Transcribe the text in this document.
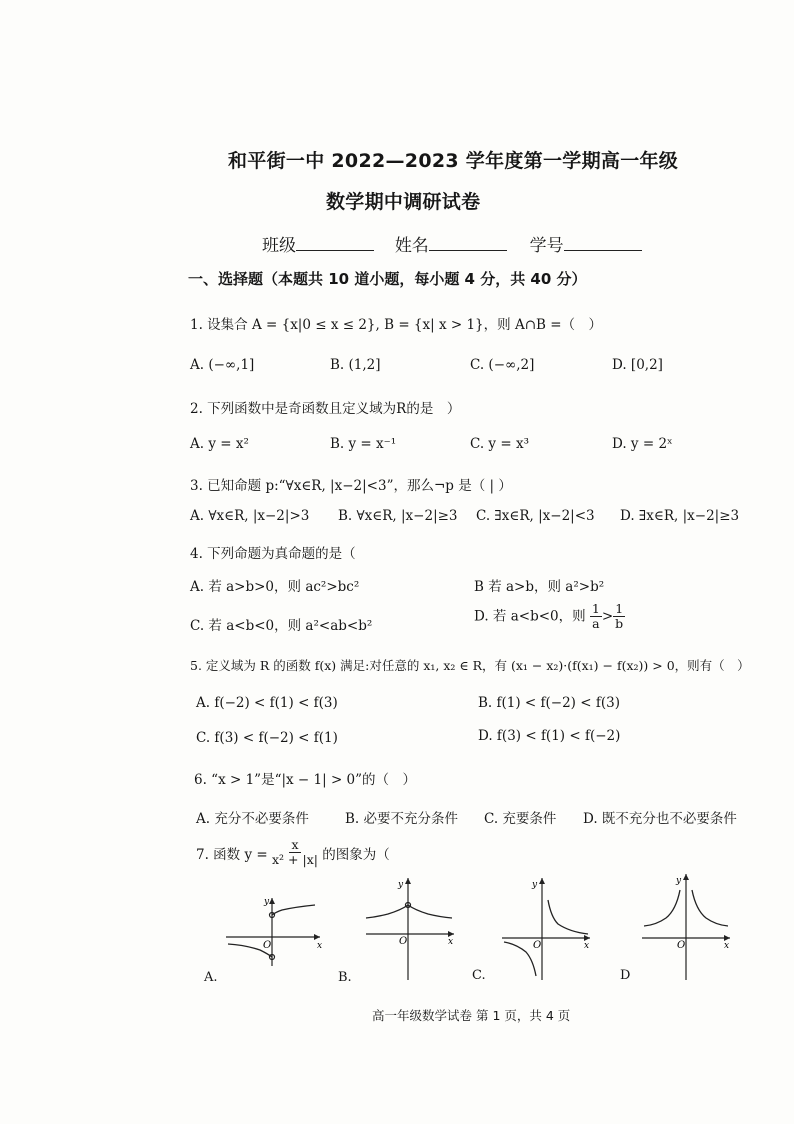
和平街一中 2022—2023 学年度第一学期高一年级
数学期中调研试卷
班级	姓名	学号
一、选择题（本题共 10 道小题，每小题 4 分，共 40 分）
1. 设集合 A = {x|0 ≤ x ≤ 2}, B = {x| x > 1}，则 A∩B =（　）
A. (−∞,1]	B. (1,2]	C. (−∞,2]	D. [0,2]
2. 下列函数中是奇函数且定义域为R的是　）
A. y = x²	B. y = x⁻¹	C. y = x³	D. y = 2ˣ
3. 已知命题 p:“∀x∈R, |x−2|<3”，那么¬p 是（ | ）
A. ∀x∈R, |x−2|>3 B. ∀x∈R, |x−2|≥3 C. ∃x∈R, |x−2|<3 D. ∃x∈R, |x−2|≥3
4. 下列命题为真命题的是（
A. 若 a>b>0，则 ac²>bc²	B 若 a>b，则 a²>b²
C. 若 a<b<0，则 a²<ab<b²
D. 若 a<b<0，则 $\frac{1}{a} > \frac{1}{b}$
5. 定义域为 R 的函数 f(x) 满足:对任意的 x₁, x₂ ∈ R，有 (x₁ − x₂)·(f(x₁) − f(x₂)) > 0，则有（　）
A. f(−2) < f(1) < f(3)	B. f(1) < f(−2) < f(3)
C. f(3) < f(−2) < f(1)	D. f(3) < f(1) < f(−2)
6. “x > 1”是“|x − 1| > 0”的（　）
A. 充分不必要条件	B. 必要不充分条件 C. 充要条件 D. 既不充分也不必要条件
7. 函数 $y = \frac{x}{\text{x² + |x|}}$ 的图象为（
O	x
y
A.
O	x
y
B.
O	x
y
C.
O	x
y
D
高一年级数学试卷 第 1 页，共 4 页
